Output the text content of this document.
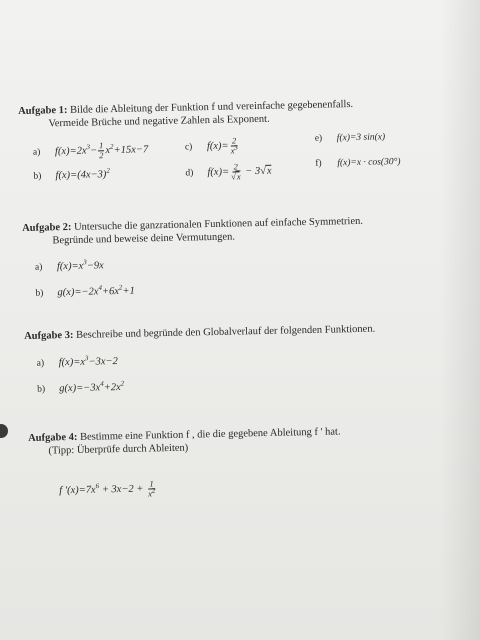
Aufgabe 1: Bilde die Ableitung der Funktion f und vereinfache gegebenenfalls.
Vermeide Brüche und negative Zahlen als Exponent.
a) $f(x)=2x^3- \frac{1}{2} x^2+15x-7$	c) $f(x)= \frac{2}{x^3}$	e) f(x)=3 sin(x)
b) $f(x)=(4x-3)^2$	d) $f(x)= \frac{2}{√x} - 3√x$
f) f(x)=x · cos(30°)
Aufgabe 2: Untersuche die ganzrationalen Funktionen auf einfache Symmetrien.
Begründe und beweise deine Vermutungen.
a) $f(x)=x^3-9x$
b) $g(x)=-2x^4+6x^2+1$
Aufgabe 3: Beschreibe und begründe den Globalverlauf der folgenden Funktionen.
a) $f(x)=x^3-3x-2$
b) $g(x)=-3x^4+2x^2$
Aufgabe 4: Bestimme eine Funktion f , die die gegebene Ableitung f ' hat.
(Tipp: Überprüfe durch Ableiten)
f '$(x)=7x^6 + 3x-2 + \frac{1}{x^2}$
